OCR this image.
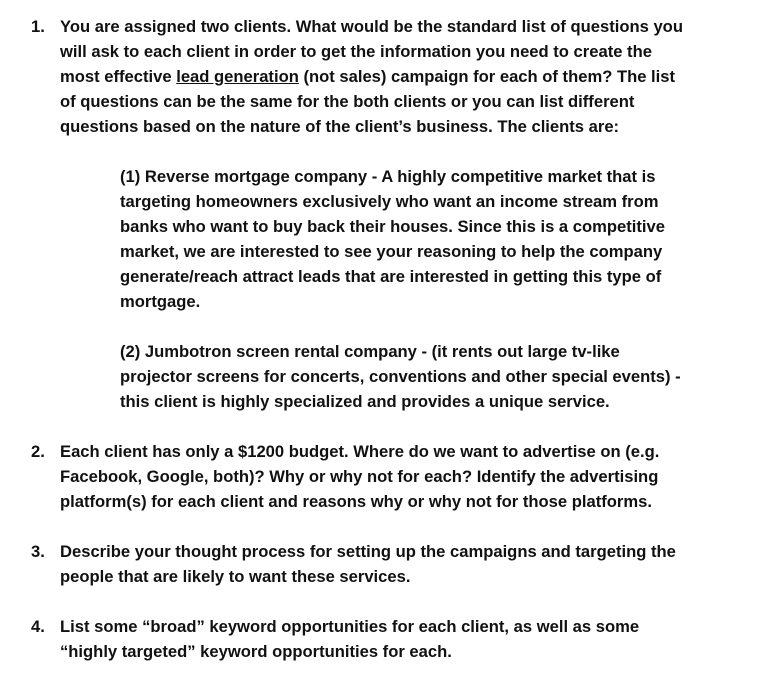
1. You are assigned two clients. What would be the standard list of questions you
will ask to each client in order to get the information you need to create the
most effective lead generation (not sales) campaign for each of them? The list
of questions can be the same for the both clients or you can list different
questions based on the nature of the client’s business. The clients are:
(1) Reverse mortgage company - A highly competitive market that is
targeting homeowners exclusively who want an income stream from
banks who want to buy back their houses. Since this is a competitive
market, we are interested to see your reasoning to help the company
generate/reach attract leads that are interested in getting this type of
mortgage.
(2) Jumbotron screen rental company - (it rents out large tv-like
projector screens for concerts, conventions and other special events) -
this client is highly specialized and provides a unique service.
2. Each client has only a $1200 budget. Where do we want to advertise on (e.g.
Facebook, Google, both)? Why or why not for each? Identify the advertising
platform(s) for each client and reasons why or why not for those platforms.
3. Describe your thought process for setting up the campaigns and targeting the
people that are likely to want these services.
4. List some “broad” keyword opportunities for each client, as well as some
“highly targeted” keyword opportunities for each.
